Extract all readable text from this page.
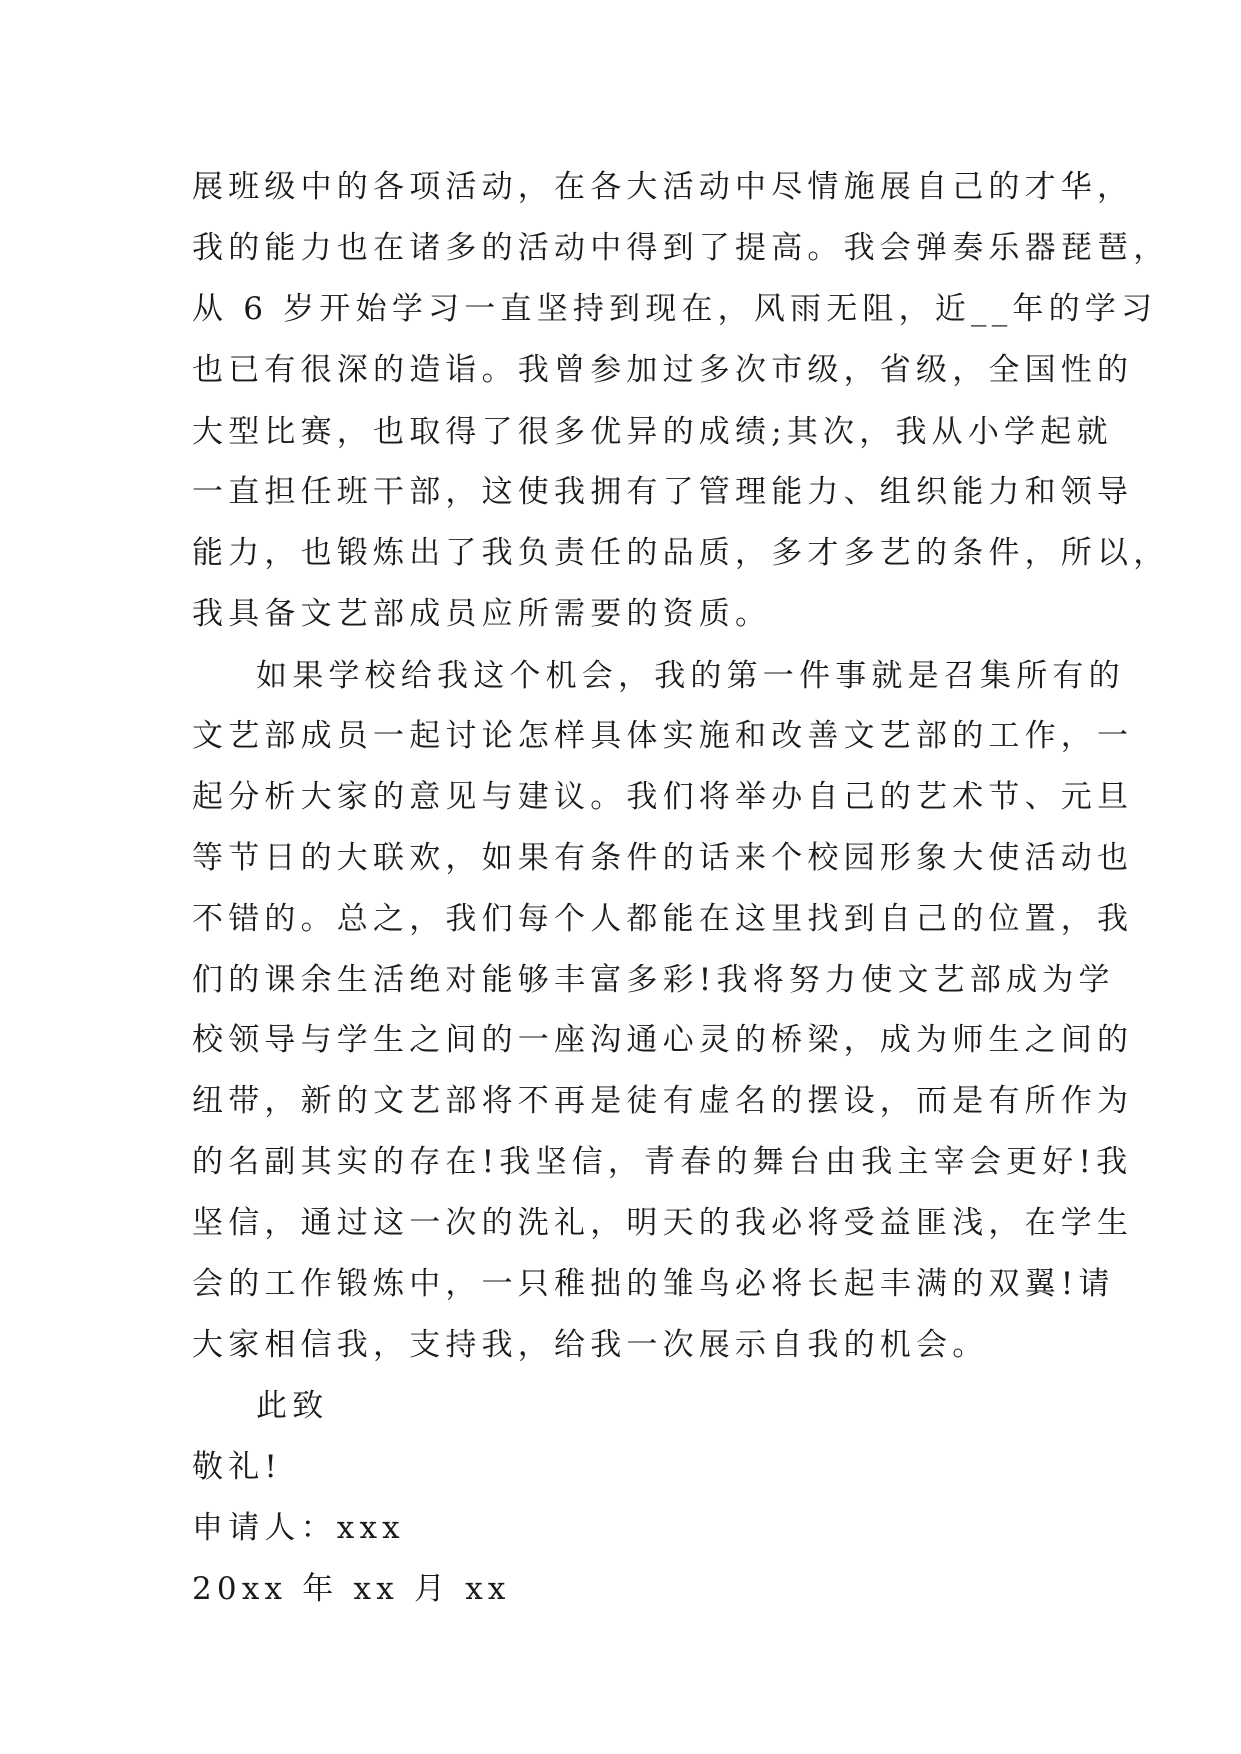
展班级中的各项活动，在各大活动中尽情施展自己的才华，
我的能力也在诸多的活动中得到了提高。我会弹奏乐器琵琶，
从 6 岁开始学习一直坚持到现在，风雨无阻，近__年的学习
也已有很深的造诣。我曾参加过多次市级，省级，全国性的
大型比赛，也取得了很多优异的成绩;其次，我从小学起就
一直担任班干部，这使我拥有了管理能力、组织能力和领导
能力，也锻炼出了我负责任的品质，多才多艺的条件，所以，
我具备文艺部成员应所需要的资质。
如果学校给我这个机会，我的第一件事就是召集所有的
文艺部成员一起讨论怎样具体实施和改善文艺部的工作，一
起分析大家的意见与建议。我们将举办自己的艺术节、元旦
等节日的大联欢，如果有条件的话来个校园形象大使活动也
不错的。总之，我们每个人都能在这里找到自己的位置，我
们的课余生活绝对能够丰富多彩!我将努力使文艺部成为学
校领导与学生之间的一座沟通心灵的桥梁，成为师生之间的
纽带，新的文艺部将不再是徒有虚名的摆设，而是有所作为
的名副其实的存在!我坚信，青春的舞台由我主宰会更好!我
坚信，通过这一次的洗礼，明天的我必将受益匪浅，在学生
会的工作锻炼中，一只稚拙的雏鸟必将长起丰满的双翼!请
大家相信我，支持我，给我一次展示自我的机会。
此致
敬礼!
申请人：xxx
20xx 年 xx 月 xx
